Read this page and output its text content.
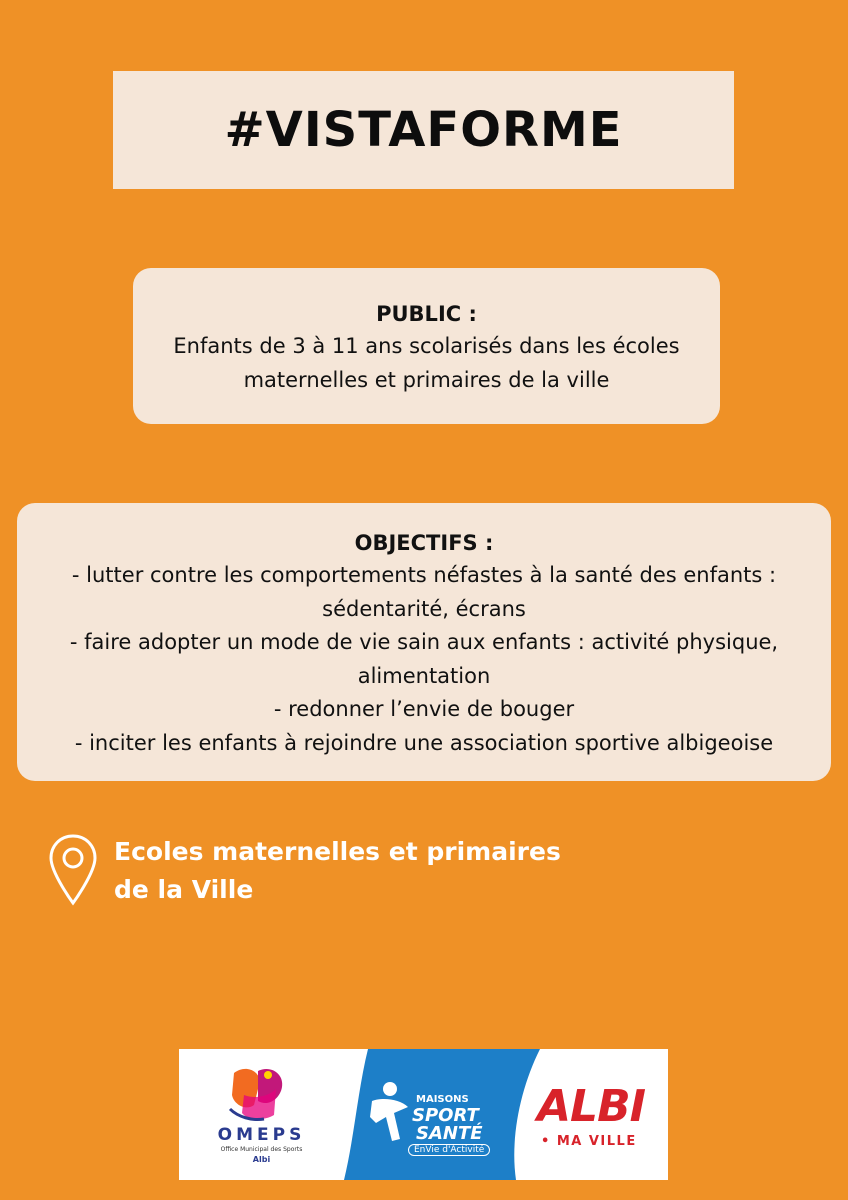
#VISTAFORME
PUBLIC :
Enfants de 3 à 11 ans scolarisés dans les écoles
maternelles et primaires de la ville
OBJECTIFS :
- lutter contre les comportements néfastes à la santé des enfants :
sédentarité, écrans
- faire adopter un mode de vie sain aux enfants : activité physique,
alimentation
- redonner l’envie de bouger
- inciter les enfants à rejoindre une association sportive albigeoise
Ecoles maternelles et primaires
de la Ville
OMEPS
Office Municipal des Sports
Albi
MAISONS
SPORT
SANTÉ
EnVie d'Activité
ALBI
• MA VILLE
